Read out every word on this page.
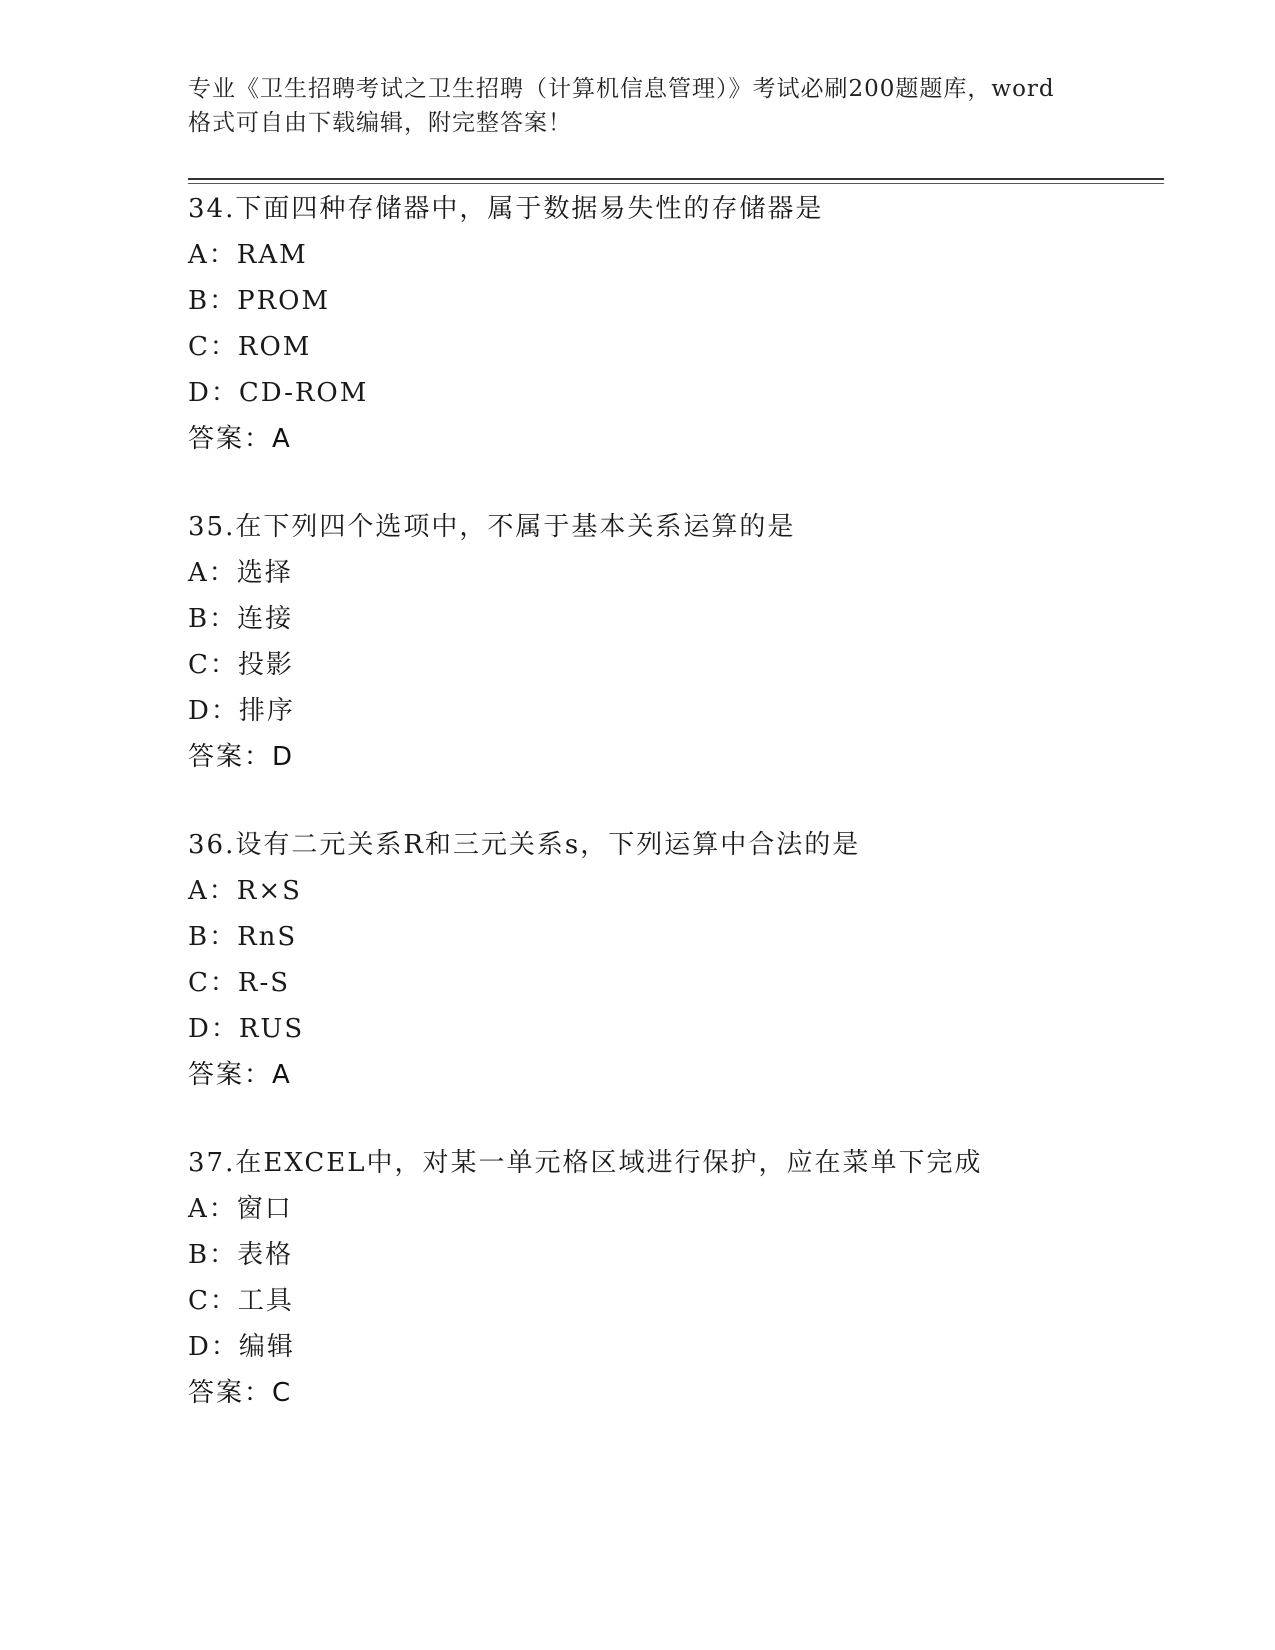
专业《卫生招聘考试之卫生招聘（计算机信息管理）》考试必刷200题题库，word
格式可自由下载编辑，附完整答案！
34.下面四种存储器中，属于数据易失性的存储器是
A：RAM
B：PROM
C：ROM
D：CD-ROM
答案：A
35.在下列四个选项中，不属于基本关系运算的是
A：选择
B：连接
C：投影
D：排序
答案：D
36.设有二元关系R和三元关系s，下列运算中合法的是
A：R×S
B：RnS
C：R-S
D：RUS
答案：A
37.在EXCEL中，对某一单元格区域进行保护，应在菜单下完成
A：窗口
B：表格
C：工具
D：编辑
答案：C
